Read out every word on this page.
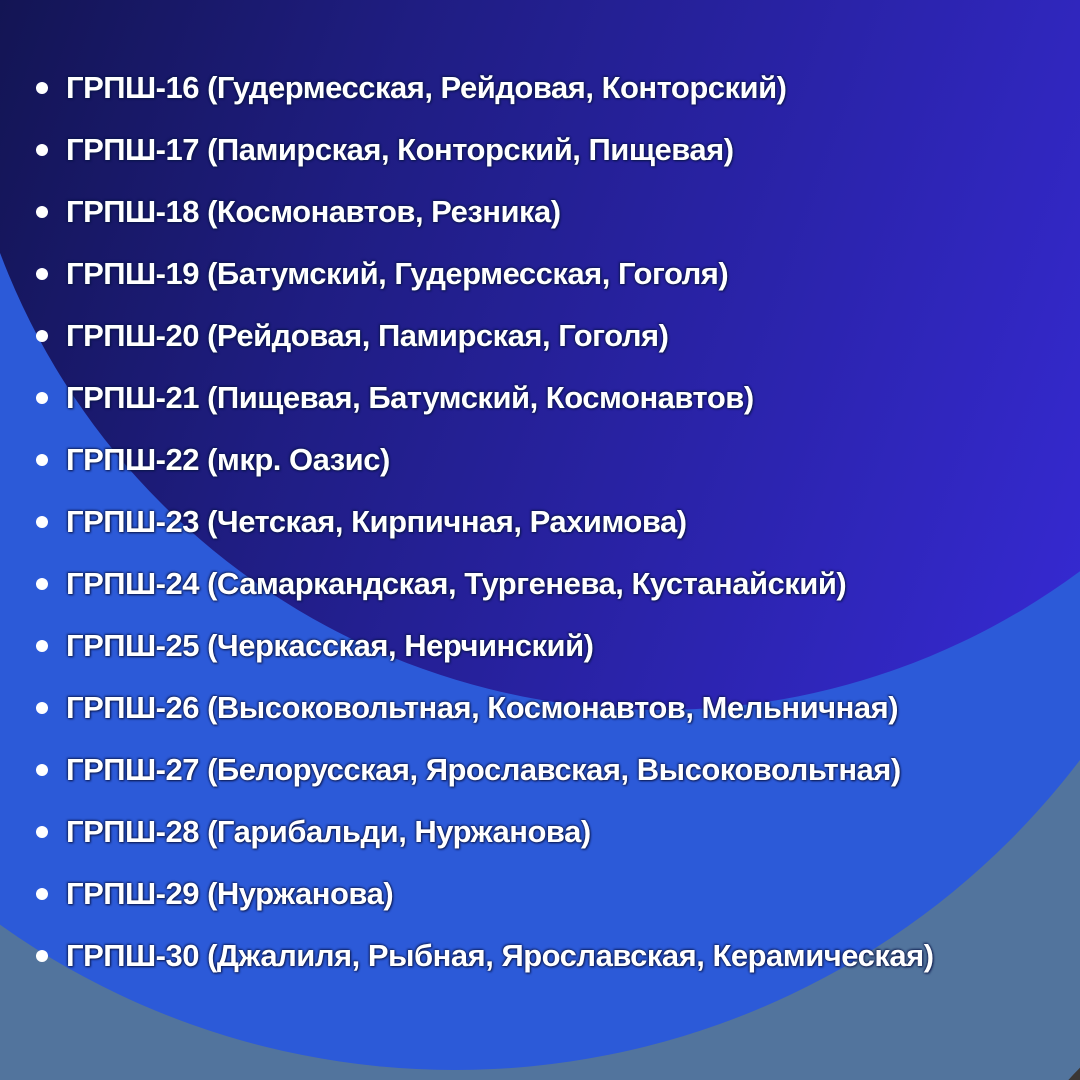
ГРПШ-16 (Гудермесская, Рейдовая, Конторский)
ГРПШ-17 (Памирская, Конторский, Пищевая)
ГРПШ-18 (Космонавтов, Резника)
ГРПШ-19 (Батумский, Гудермесская, Гоголя)
ГРПШ-20 (Рейдовая, Памирская, Гоголя)
ГРПШ-21 (Пищевая, Батумский, Космонавтов)
ГРПШ-22 (мкр. Оазис)
ГРПШ-23 (Четская, Кирпичная, Рахимова)
ГРПШ-24 (Самаркандская, Тургенева, Кустанайский)
ГРПШ-25 (Черкасская, Нерчинский)
ГРПШ-26 (Высоковольтная, Космонавтов, Мельничная)
ГРПШ-27 (Белорусская, Ярославская, Высоковольтная)
ГРПШ-28 (Гарибальди, Нуржанова)
ГРПШ-29 (Нуржанова)
ГРПШ-30 (Джалиля, Рыбная, Ярославская, Керамическая)
